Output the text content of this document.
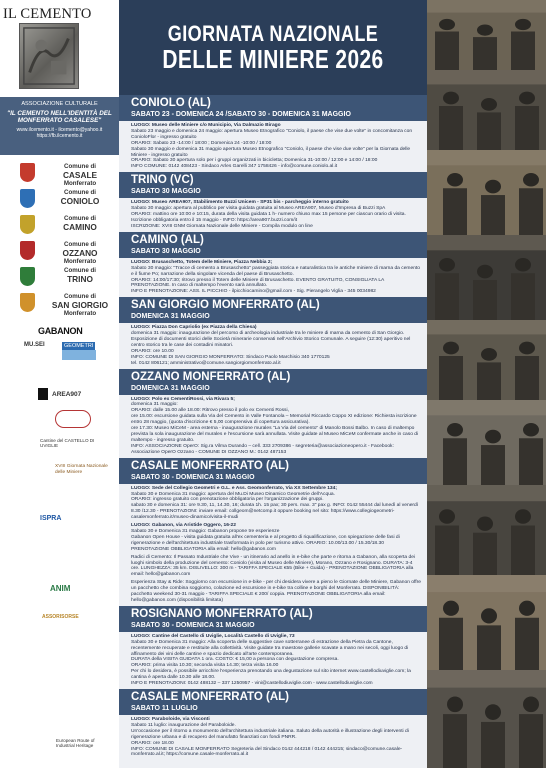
IL CEMENTO
ASSOCIAZIONE CULTURALE
"IL CEMENTO NELL'IDENTITÀ DEL MONFERRATO CASALESE"
www.ilcemento.it - ilcemento@yahoo.it
https://fb.ilcemento.it
Comune di
CASALE
Monferrato
Comune di
CONIOLO
Comune di
CAMINO
Comune di
OZZANO
Monferrato
Comune di
TRINO
Comune di
SAN GIORGIO
Monferrato
GABANON
MU.SEI	GEOMETRI
AREA907
Cantine del CASTELLO DI UVIGLIE
XVIII Giornata Nazionale delle Miniere
ISPRA
ANIM
ASSORISORSE
European Route of Industrial Heritage
GIORNATA NAZIONALE
DELLE MINIERE 2026
CONIOLO (AL)
SABATO 23 - DOMENICA 24 /SABATO 30 - DOMENICA 31 MAGGIO
LUOGO: Museo delle Miniere c/o Municipio, Via Dalmazio Birago
Sabato 23 maggio e domenica 24 maggio: apertura Museo Etnografico "Coniolo, il paese che vise due volte" in concomitanza con ConioloFlor - ingresso gratuito
ORARIO: Sabato 23 -14:00 / 18:00 ; Domenica 24 -10:00 / 18:00
Sabato 30 maggio e domenica 31 maggio apertura Museo Etnografico "Coniolo, il paese che vise due volte" per la Giornata delle Miniere - ingresso gratuito
ORARIO: Sabato 30 apertura solo per i gruppi organizzati in bicicletta; Domenica 31-10:00 / 12:00 e 14:00 / 18:00
INFO COMUNE: 0142 408423 - Sindaco Arles Garelli 347 1758426 - info@comune.coniolo.al.it
TRINO (VC)
SABATO 30 MAGGIO
LUOGO: Museo AREA907, Stabilimento Buzzi Unicem - SP31 bis - parcheggio interno gratuito
Sabato 30 maggio: apertura al pubblico per visita guidata gratuita al Museo AREA907, Museo d'Impresa di Buzzi SpA
ORARIO: mattino ore 10:00 e 10:15, durata della visita guidata 1 h- numero chiuso max 15 persone per ciascun orario di visita. Iscrizione obbligatoria entro il 15 maggio - INFO: https://area907.buzzi.com/it
ISCRIZIONE: XVIII GNM Giornata Nazionale delle Miniere - Compila modulo on line
CAMINO (AL)
SABATO 30 MAGGIO
LUOGO: Brusaschetto, Totem delle Miniere, Piazza Nebbia 2;
Sabato 30 maggio: "Tracce di cemento a Brusaschetto" passeggiata storica e naturalistica tra le antiche miniere di marna da cemento e il fiume Po; narrazione della singolare vicenda del paese di Brusaschetto.
ORARIO: 14:00/17:30; ritrovo presso il Totem delle Miniere di Brusaschetto. EVENTO GRATUITO, CONSIGLIATA LA PRENOTAZIONE. In caso di maltempo l'evento sarà annullato.
INFO E PRENOTAZIONE: ASS. IL PICCHIO - ilpicchiocamino@gmail.com - Sig. Pierangelo Viglia - 345 0034982
SAN GIORGIO MONFERRATO (AL)
DOMENICA 31 MAGGIO
LUOGO: Piazza Don Capriolio (ex Piazza della Chiesa)
domenica 31 maggio: inaugurazione del percorso di archeologia industriale tra le miniere di marna da cemento di San Giorgio. Esposizione di documenti storici delle Società minerarie conservati nell'Archivio Storico Comunale. A seguire (12:30) aperitivo nel centro storico tra le case dei contadini minatori.
ORARIO: ore 10.00
INFO: COMUNE DI SAN GIORGIO MONFERRATO: Sindaco Paolo Marchisio 340 1770125
tel. 0142 806121; amministrativo@comune.sangiorgiomonferrato.al.it
OZZANO MONFERRATO (AL)
DOMENICA 31 MAGGIO
LUOGO: Polo ex CementiRossi, via Rivara 5;
domenica 31 maggio:
ORARIO: dalle 15.00 alle 18.00: Ritrovo presso il polo ex Cementi Rossi,
ore 15.00: escursione guidata sulla Via del Cemento in Valle Fontanola – Memorial Riccardo Coppo XI edizione: Richiesta iscrizione entro 28 maggio, (quota d'iscrizione € 5,00 comprensiva di copertura assicurativa).
ore 17.30: Museo MiCeM - area esterna - inaugurazione murales "La Via del cemento" di Manolo Bossi Balbo. In caso di maltempo prevista la sola inaugurazione del murales e l'escursione sarà annullata. Visite guidate al Museo MiCeM confermate anche in caso di maltempo - ingresso gratuito.
INFO: ASSOCIAZIONE OperO: Sig.ra Vilma Durando – cell. 333 2709386 - segreteria@associazioneopero.it - Facebook: Associazione OperO Ozzano - COMUNE DI OZZANO M.: 0142 487153
CASALE MONFERRATO (AL)
SABATO 30 - DOMENICA 31 MAGGIO
LUOGO: Sede del Collegio Geometri e G.L. e Ass. Geomonferrato, Via XX Settembre 134;
Sabato 30 e Domenica 31 maggio: apertura del Mu.Di Museo Dinamico Geometrie dell'Acqua.
ORARIO: ingresso gratuito con prenotazione obbligatoria per l'organizzazione dei gruppi.
sabato 30 e domenica 31: ore 9.30, 11, 14.30, 16; durata 1h. 15 pax; 30 pers. max. 3" pax g. INFO: 0142 55444 dal lunedì al venerdì 8.30 /12.30 - PRENOTAZIONI: inviare email: collgeom@netcomp.it oppure booking nel sito: https://www.collegiogeometri-casalemonferrato.it/museo-dinamico/visita-il-mudi
LUOGO: Gabanon, via Aristide Oggero, 16-22
Sabato 30 e Domenica 31 maggio: Gabanon propone tre esperienze
Gabanon Open House - visita guidata gratuita all'ex cementeria e al progetto di riqualificazione, con spiegazione delle fasi di rigenerazione e dell'architettura industriale trasformata in polo per turismo attivo. ORARIO: 10.00/13.00 / 15.30/18.30 PRENOTAZIONE OBBLIGATORIA alla email: hello@gabanon.com
Radici di Cemento: Il Passato Industriale che Vive - un itinerario ad anello in e-bike che parte e ritorna a Gabanon, alla scoperta dei luoghi simbolo della produzione del cemento: Coniolo (visita al Museo delle Miniere), Morano, Ozzano e Rosignano. DURATA: 3-4 ore. LUNGHEZZA: 35 km. DISLIVELLO: 300 m - TARIFFA SPECIALE €55 (Bike + Guida) - PRENOTAZIONE OBBLIGATORIA alla email: hello@gabanon.com
Esperienza Stay & Ride: Soggiorno con escursione in e-bike - per chi desidera vivere a pieno le Giornate delle Miniere, Gabanon offre un pacchetto che combina soggiorno, colazione ed escursione in e-bike tra colline e borghi del Monferrato. DISPONIBILITÀ: pacchetto weekend 30-31 maggio - TARIFFA SPECIALE € 200/ coppia. PRENOTAZIONE OBBLIGATORIA alla email: hello@gabanon.com (disponibilità limitata)
ROSIGNANO MONFERRATO (AL)
SABATO 30 - DOMENICA 31 MAGGIO
LUOGO: Cantine del Castello di Uviglie, Località Castello di Uviglie, 73
Sabato 30 e Domenica 31 maggio: Alla scoperta delle suggestive cave sotterranee di estrazione della Pietra da Cantone, recentemente recuperate e restituite alla collettività. Visite guidate tra maestose gallerie scavate a mano nei secoli, oggi luogo di affinamento dei vini delle cantine e spazio dedicato all'arte contemporanea.
DURATA della VISITA GUIDATA 1 ora. COSTO: € 15,00 a persona con degustazione compresa.
ORARIO: prima visita 10.30; seconda visita 14.30; terza visita 16.00
Per chi lo desidera, è possibile arricchire l'esperienza prenotando una degustazione sul sito internet www.castellodiuviglie.com; la cantina è aperta dalle 10.30 alle 18.00.
INFO E PRENOTAZIONI: 0142 488132 – 337 1250957 - vini@castellodiuviglie.com - www.castellodiuviglie.com
CASALE MONFERRATO (AL)
SABATO 11 LUGLIO
LUOGO: Paraboloide, via Visconti
Sabato 11 luglio: inaugurazione del Paraboloide.
Un'occasione per il ritorno a monumento dell'architettura industriale italiana. Saluto della autorità e illustrazione degli interventi di rigenerazione urbana e di recupero del manufatto finanziati con fondi PNRR.
ORARIO: ore 18.00
INFO: COMUNE DI CASALE MONFERRATO Segreteria del Sindaco 0142 444218 / 0142 444215; sindaco@comune.casale-monferrato.al.it; https://comune.casale-monferrato.al.it
